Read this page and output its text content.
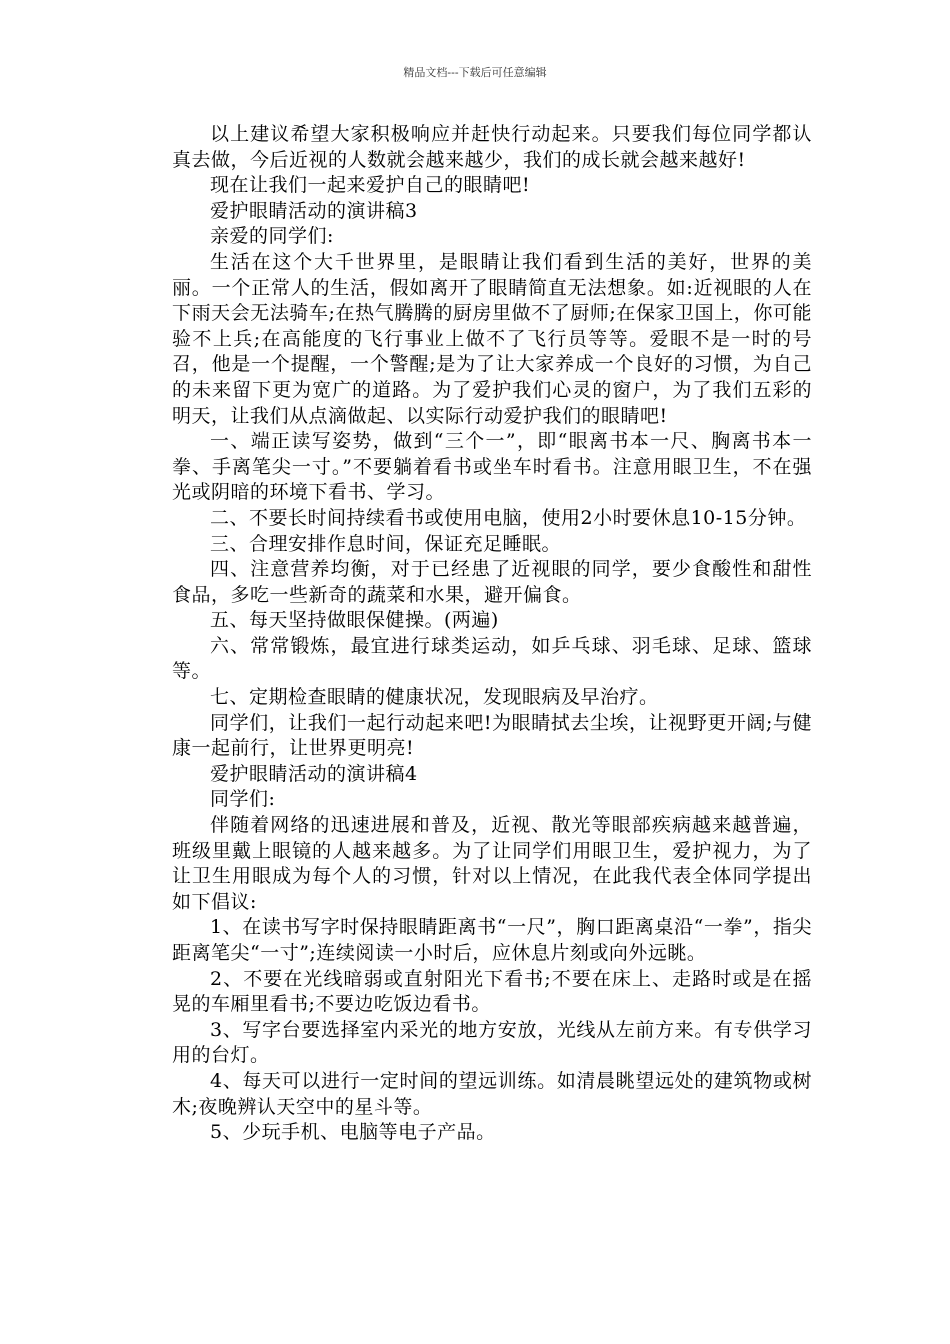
精品文档---下载后可任意编辑

以上建议希望大家积极响应并赶快行动起来。只要我们每位同学都认真去做，今后近视的人数就会越来越少，我们的成长就会越来越好!

现在让我们一起来爱护自己的眼睛吧!

爱护眼睛活动的演讲稿3

亲爱的同学们:

生活在这个大千世界里，是眼睛让我们看到生活的美好，世界的美丽。一个正常人的生活，假如离开了眼睛简直无法想象。如:近视眼的人在下雨天会无法骑车;在热气腾腾的厨房里做不了厨师;在保家卫国上，你可能验不上兵;在高能度的飞行事业上做不了飞行员等等。爱眼不是一时的号召，他是一个提醒，一个警醒;是为了让大家养成一个良好的习惯，为自己的未来留下更为宽广的道路。为了爱护我们心灵的窗户，为了我们五彩的明天，让我们从点滴做起、以实际行动爱护我们的眼睛吧!

一、端正读写姿势，做到“三个一”，即“眼离书本一尺、胸离书本一拳、手离笔尖一寸。”不要躺着看书或坐车时看书。注意用眼卫生，不在强光或阴暗的环境下看书、学习。

二、不要长时间持续看书或使用电脑，使用2小时要休息10-15分钟。

三、合理安排作息时间，保证充足睡眠。

四、注意营养均衡，对于已经患了近视眼的同学，要少食酸性和甜性食品，多吃一些新奇的蔬菜和水果，避开偏食。

五、每天坚持做眼保健操。(两遍)

六、常常锻炼，最宜进行球类运动，如乒乓球、羽毛球、足球、篮球等。

七、定期检查眼睛的健康状况，发现眼病及早治疗。

同学们，让我们一起行动起来吧!为眼睛拭去尘埃，让视野更开阔;与健康一起前行，让世界更明亮!

爱护眼睛活动的演讲稿4

同学们:

伴随着网络的迅速进展和普及，近视、散光等眼部疾病越来越普遍，班级里戴上眼镜的人越来越多。为了让同学们用眼卫生，爱护视力，为了让卫生用眼成为每个人的习惯，针对以上情况，在此我代表全体同学提出如下倡议:

1、在读书写字时保持眼睛距离书“一尺”，胸口距离桌沿“一拳”，指尖距离笔尖“一寸”;连续阅读一小时后，应休息片刻或向外远眺。

2、不要在光线暗弱或直射阳光下看书;不要在床上、走路时或是在摇晃的车厢里看书;不要边吃饭边看书。

3、写字台要选择室内采光的地方安放，光线从左前方来。有专供学习用的台灯。

4、每天可以进行一定时间的望远训练。如清晨眺望远处的建筑物或树木;夜晚辨认天空中的星斗等。

5、少玩手机、电脑等电子产品。
